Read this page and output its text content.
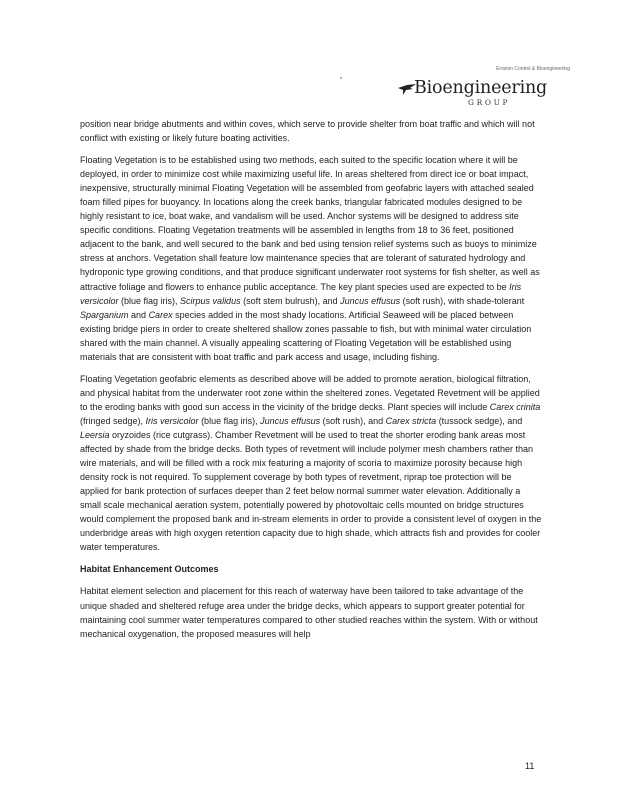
Erosion Control & Bioengineering
ʼ	Bioengineering
GROUP

position near bridge abutments and within coves, which serve to provide shelter from boat traffic and which will not conflict with existing or likely future boating activities.

Floating Vegetation is to be established using two methods, each suited to the specific location where it will be deployed, in order to minimize cost while maximizing useful life. In areas sheltered from direct ice or boat impact, inexpensive, structurally minimal Floating Vegetation will be assembled from geofabric layers with attached sealed foam filled pipes for buoyancy. In locations along the creek banks, triangular fabricated modules designed to be highly resistant to ice, boat wake, and vandalism will be used. Anchor systems will be designed to address site specific conditions. Floating Vegetation treatments will be assembled in lengths from 18 to 36 feet, positioned adjacent to the bank, and well secured to the bank and bed using tension relief systems such as buoys to minimize stress at anchors. Vegetation shall feature low maintenance species that are tolerant of saturated hydrology and hydroponic type growing conditions, and that produce significant underwater root systems for fish shelter, as well as attractive foliage and flowers to enhance public acceptance. The key plant species used are expected to be Iris versicolor (blue flag iris), Scirpus validus (soft stem bulrush), and Juncus effusus (soft rush), with shade-tolerant Sparganium and Carex species added in the most shady locations. Artificial Seaweed will be placed between existing bridge piers in order to create sheltered shallow zones passable to fish, but with minimal water circulation shared with the main channel. A visually appealing scattering of Floating Vegetation will be established using materials that are consistent with boat traffic and park access and usage, including fishing.

Floating Vegetation geofabric elements as described above will be added to promote aeration, biological filtration, and physical habitat from the underwater root zone within the sheltered zones. Vegetated Revetment will be applied to the eroding banks with good sun access in the vicinity of the bridge decks. Plant species will include Carex crinita (fringed sedge), Iris versicolor (blue flag iris), Juncus effusus (soft rush), and Carex stricta (tussock sedge), and Leersia oryzoides (rice cutgrass). Chamber Revetment will be used to treat the shorter eroding bank areas most affected by shade from the bridge decks. Both types of revetment will include polymer mesh chambers rather than wire materials, and will be filled with a rock mix featuring a majority of scoria to maximize porosity because high density rock is not required. To supplement coverage by both types of revetment, riprap toe protection will be applied for bank protection of surfaces deeper than 2 feet below normal summer water elevation. Additionally a small scale mechanical aeration system, potentially powered by photovoltaic cells mounted on bridge structures would complement the proposed bank and in-stream elements in order to provide a consistent level of oxygen in the underbridge areas with high oxygen retention capacity due to high shade, which attracts fish and provides for cooler water temperatures.

Habitat Enhancement Outcomes

Habitat element selection and placement for this reach of waterway have been tailored to take advantage of the unique shaded and sheltered refuge area under the bridge decks, which appears to support greater potential for maintaining cool summer water temperatures compared to other studied reaches within the system. With or without mechanical oxygenation, the proposed measures will help

11
